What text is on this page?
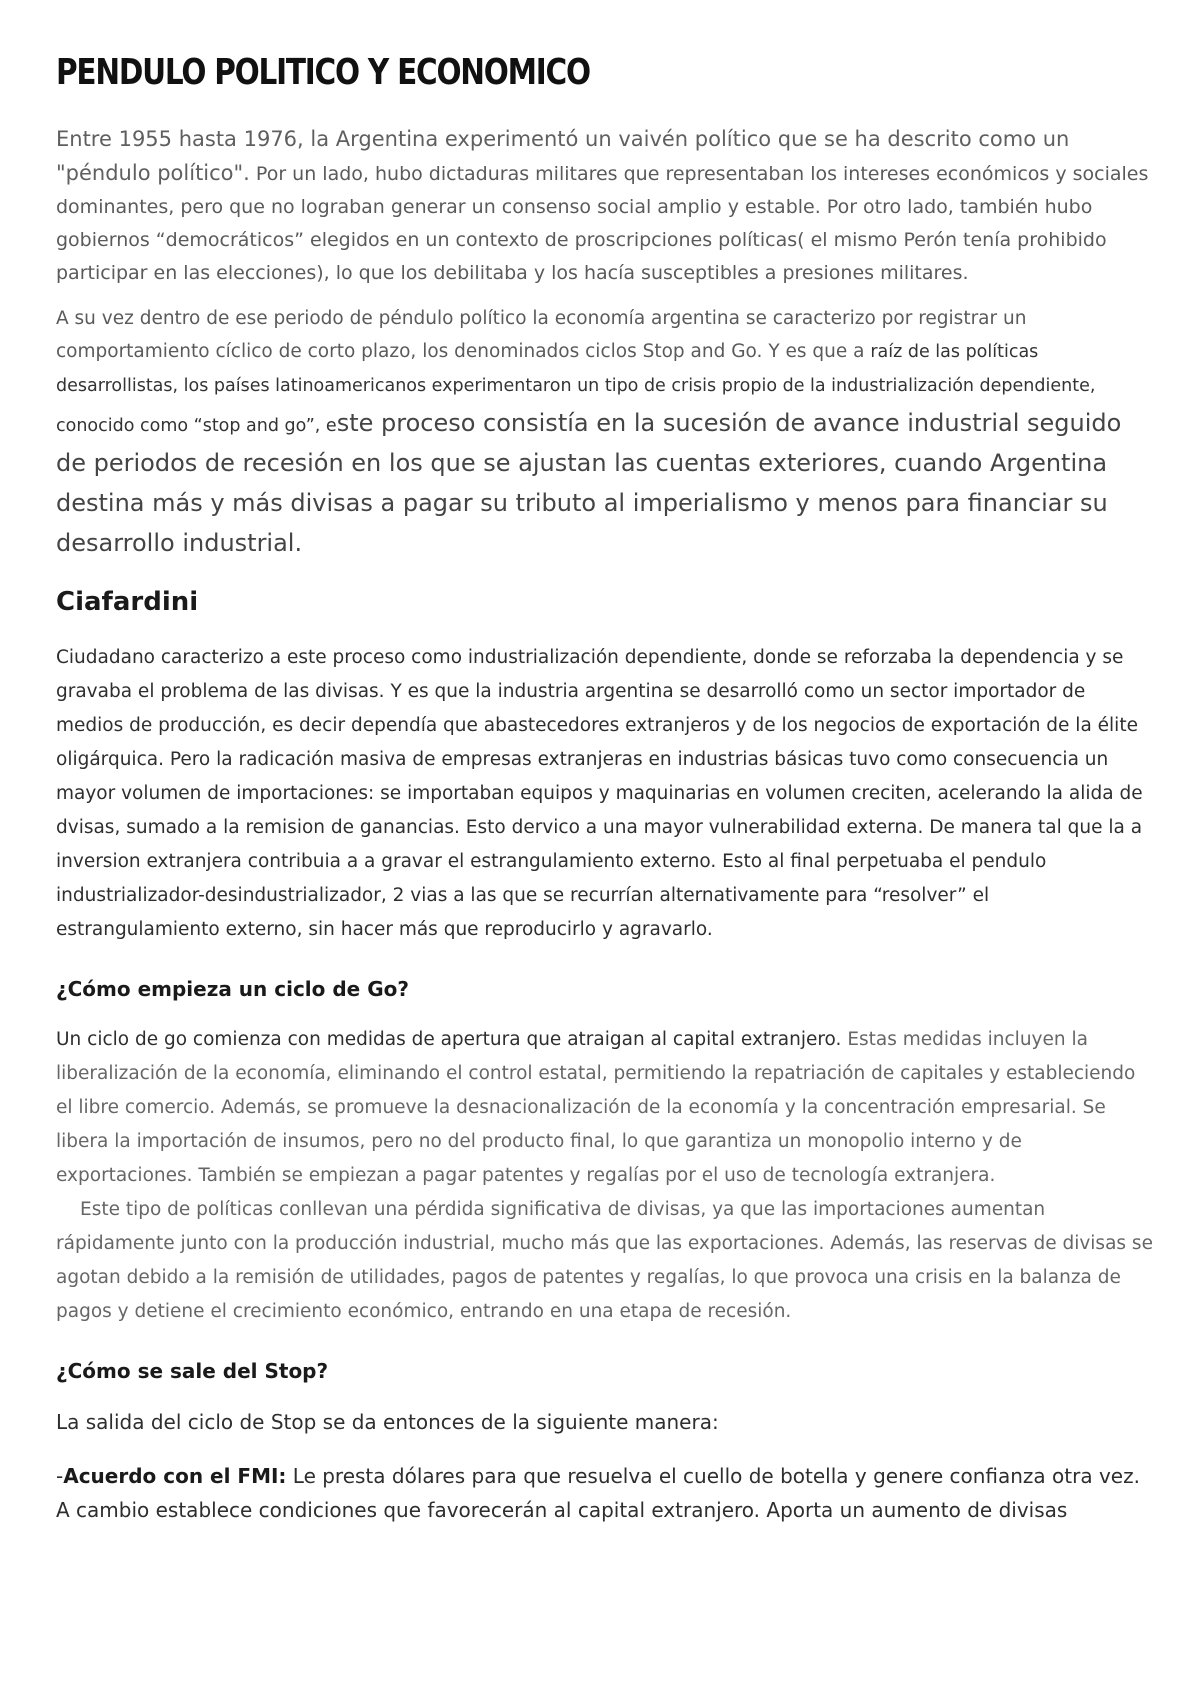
PENDULO POLITICO Y ECONOMICO

Entre 1955 hasta 1976, la Argentina experimentó un vaivén político que se ha descrito como un "péndulo político". Por un lado, hubo dictaduras militares que representaban los intereses económicos y sociales dominantes, pero que no lograban generar un consenso social amplio y estable. Por otro lado, también hubo gobiernos “democráticos” elegidos en un contexto de proscripciones políticas( el mismo Perón tenía prohibido participar en las elecciones), lo que los debilitaba y los hacía susceptibles a presiones militares.

A su vez dentro de ese periodo de péndulo político la economía argentina se caracterizo por registrar un comportamiento cíclico de corto plazo, los denominados ciclos Stop and Go. Y es que a raíz de las políticas desarrollistas, los países latinoamericanos experimentaron un tipo de crisis propio de la industrialización dependiente, conocido como “stop and go”, este proceso consistía en la sucesión de avance industrial seguido de periodos de recesión en los que se ajustan las cuentas exteriores, cuando Argentina destina más y más divisas a pagar su tributo al imperialismo y menos para financiar su desarrollo industrial.

Ciafardini

Ciudadano caracterizo a este proceso como industrialización dependiente, donde se reforzaba la dependencia y se gravaba el problema de las divisas. Y es que la industria argentina se desarrolló como un sector importador de medios de producción, es decir dependía que abastecedores extranjeros y de los negocios de exportación de la élite oligárquica. Pero la radicación masiva de empresas extranjeras en industrias básicas tuvo como consecuencia un mayor volumen de importaciones: se importaban equipos y maquinarias en volumen creciten, acelerando la alida de dvisas, sumado a la remision de ganancias. Esto dervico a una mayor vulnerabilidad externa. De manera tal que la a inversion extranjera contribuia a a gravar el estrangulamiento externo. Esto al final perpetuaba el pendulo industrializador-desindustrializador, 2 vias a las que se recurrían alternativamente para “resolver” el estrangulamiento externo, sin hacer más que reproducirlo y agravarlo.

¿Cómo empieza un ciclo de Go?

Un ciclo de go comienza con medidas de apertura que atraigan al capital extranjero. Estas medidas incluyen la liberalización de la economía, eliminando el control estatal, permitiendo la repatriación de capitales y estableciendo el libre comercio. Además, se promueve la desnacionalización de la economía y la concentración empresarial. Se libera la importación de insumos, pero no del producto final, lo que garantiza un monopolio interno y de exportaciones. También se empiezan a pagar patentes y regalías por el uso de tecnología extranjera.

Este tipo de políticas conllevan una pérdida significativa de divisas, ya que las importaciones aumentan rápidamente junto con la producción industrial, mucho más que las exportaciones. Además, las reservas de divisas se agotan debido a la remisión de utilidades, pagos de patentes y regalías, lo que provoca una crisis en la balanza de pagos y detiene el crecimiento económico, entrando en una etapa de recesión.

¿Cómo se sale del Stop?

La salida del ciclo de Stop se da entonces de la siguiente manera:

-Acuerdo con el FMI: Le presta dólares para que resuelva el cuello de botella y genere confianza otra vez. A cambio establece condiciones que favorecerán al capital extranjero. Aporta un aumento de divisas
